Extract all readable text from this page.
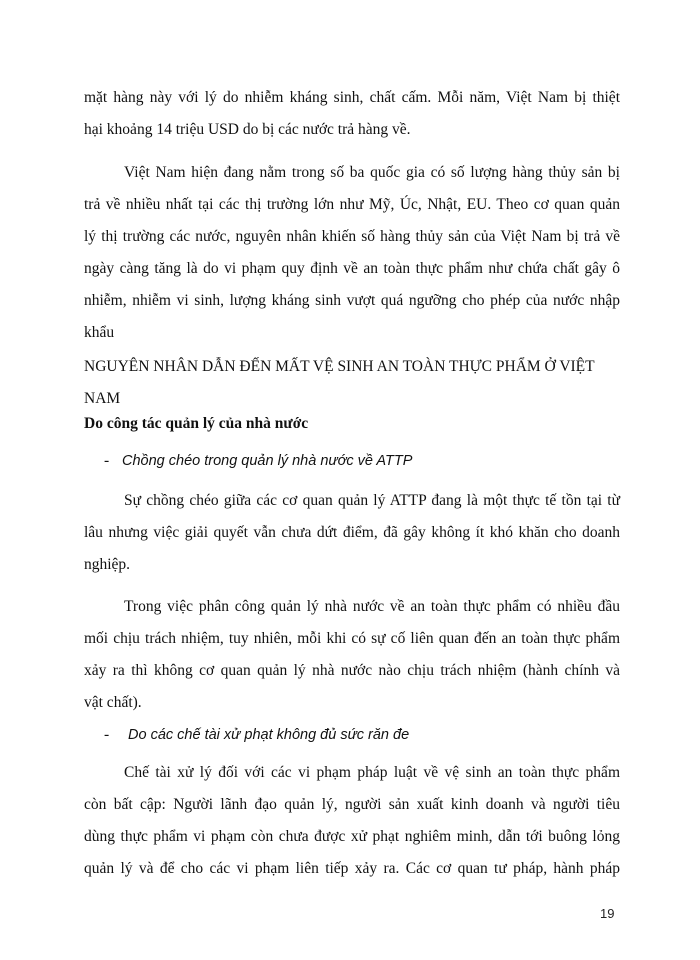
mặt hàng này với lý do nhiễm kháng sinh, chất cấm. Mỗi năm, Việt Nam bị thiệt
hại khoảng 14 triệu USD do bị các nước trả hàng về.
Việt Nam hiện đang nằm trong số ba quốc gia có số lượng hàng thủy sản bị
trả về nhiều nhất tại các thị trường lớn như Mỹ, Úc, Nhật, EU. Theo cơ quan quản
lý thị trường các nước, nguyên nhân khiến số hàng thủy sản của Việt Nam bị trả về
ngày càng tăng là do vi phạm quy định về an toàn thực phẩm như chứa chất gây ô
nhiễm, nhiễm vi sinh, lượng kháng sinh vượt quá ngưỡng cho phép của nước nhập
khẩu
NGUYÊN NHÂN DẪN ĐẾN MẤT VỆ SINH AN TOÀN THỰC PHẨM Ở VIỆT
NAM
Do công tác quản lý của nhà nước
- Chồng chéo trong quản lý nhà nước về ATTP
Sự chồng chéo giữa các cơ quan quản lý ATTP đang là một thực tế tồn tại từ
lâu nhưng việc giải quyết vẫn chưa dứt điểm, đã gây không ít khó khăn cho doanh
nghiệp.
Trong việc phân công quản lý nhà nước về an toàn thực phẩm có nhiều đầu
mối chịu trách nhiệm, tuy nhiên, mỗi khi có sự cố liên quan đến an toàn thực phẩm
xảy ra thì không cơ quan quản lý nhà nước nào chịu trách nhiệm (hành chính và
vật chất).
- Do các chế tài xử phạt không đủ sức răn đe
Chế tài xử lý đối với các vi phạm pháp luật về vệ sinh an toàn thực phẩm
còn bất cập: Người lãnh đạo quản lý, người sản xuất kinh doanh và người tiêu
dùng thực phẩm vi phạm còn chưa được xử phạt nghiêm minh, dẫn tới buông lỏng
quản lý và để cho các vi phạm liên tiếp xảy ra. Các cơ quan tư pháp, hành pháp
19
